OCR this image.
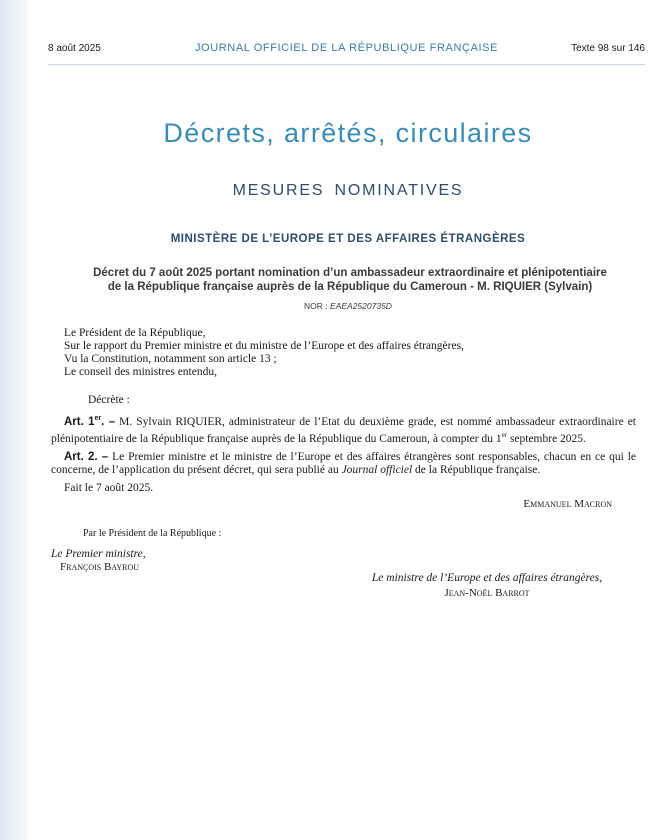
8 août 2025	JOURNAL OFFICIEL DE LA RÉPUBLIQUE FRANÇAISE	Texte 98 sur 146
Décrets, arrêtés, circulaires
MESURES NOMINATIVES
MINISTÈRE DE L’EUROPE ET DES AFFAIRES ÉTRANGÈRES
Décret du 7 août 2025 portant nomination d’un ambassadeur extraordinaire et plénipotentiaire
de la République française auprès de la République du Cameroun - M. RIQUIER (Sylvain)
NOR : EAEA2520735D

Le Président de la République,

Sur le rapport du Premier ministre et du ministre de l’Europe et des affaires étrangères,

Vu la Constitution, notamment son article 13 ;

Le conseil des ministres entendu,

Décrète :

Art. 1er. – M. Sylvain RIQUIER, administrateur de l’Etat du deuxième grade, est nommé ambassadeur extraordinaire et plénipotentiaire de la République française auprès de la République du Cameroun, à compter du 1er septembre 2025.

Art. 2. – Le Premier ministre et le ministre de l’Europe et des affaires étrangères sont responsables, chacun en ce qui le concerne, de l’application du présent décret, qui sera publié au Journal officiel de la République française.

Fait le 7 août 2025.

Emmanuel Macron
Par le Président de la République :
Le Premier ministre,
François Bayrou
Le ministre de l’Europe et des affaires étrangères,
Jean-Noël Barrot
